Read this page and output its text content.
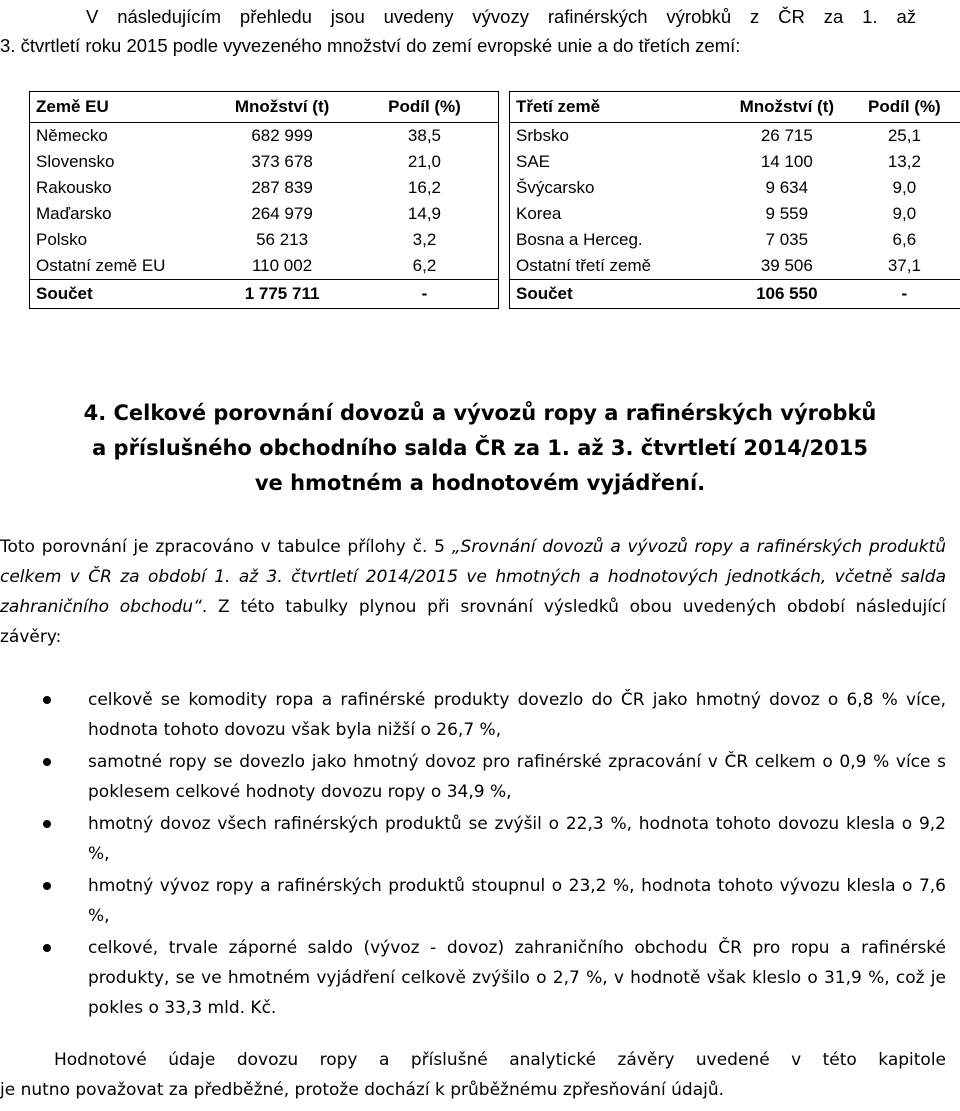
V následujícím přehledu jsou uvedeny vývozy rafinérských výrobků z ČR za 1. až
3. čtvrtletí roku 2015 podle vyvezeného množství do zemí evropské unie a do třetích zemí:
Země EU	Množství (t)	Podíl (%)
Německo	682 999	38,5
Slovensko	373 678	21,0
Rakousko	287 839	16,2
Maďarsko	264 979	14,9
Polsko	56 213	3,2
Ostatní země EU	110 002	6,2
Součet	1 775 711	-
Třetí země	Množství (t)	Podíl (%)
Srbsko	26 715	25,1
SAE	14 100	13,2
Švýcarsko	9 634	9,0
Korea	9 559	9,0
Bosna a Herceg.	7 035	6,6
Ostatní třetí země	39 506	37,1
Součet	106 550	-
4. Celkové porovnání dovozů a vývozů ropy a rafinérských výrobků
a příslušného obchodního salda ČR za 1. až 3. čtvrtletí 2014/2015
ve hmotném a hodnotovém vyjádření.
Toto porovnání je zpracováno v tabulce přílohy č. 5 „Srovnání dovozů a vývozů ropy a rafinérských produktů celkem v ČR za období 1. až 3. čtvrtletí 2014/2015 ve hmotných a hodnotových jednotkách, včetně salda zahraničního obchodu“. Z této tabulky plynou při srovnání výsledků obou uvedených období následující závěry:
celkově se komodity ropa a rafinérské produkty dovezlo do ČR jako hmotný dovoz o 6,8 % více, hodnota tohoto dovozu však byla nižší o 26,7 %,
samotné ropy se dovezlo jako hmotný dovoz pro rafinérské zpracování v ČR celkem o 0,9 % více s poklesem celkové hodnoty dovozu ropy o 34,9 %,
hmotný dovoz všech rafinérských produktů se zvýšil o 22,3 %, hodnota tohoto dovozu klesla o 9,2 %,
hmotný vývoz ropy a rafinérských produktů stoupnul o 23,2 %, hodnota tohoto vývozu klesla o 7,6 %,
celkové, trvale záporné saldo (vývoz - dovoz) zahraničního obchodu ČR pro ropu a rafinérské produkty, se ve hmotném vyjádření celkově zvýšilo o 2,7 %, v hodnotě však kleslo o 31,9 %, což je pokles o 33,3 mld. Kč.
Hodnotové údaje dovozu ropy a příslušné analytické závěry uvedené v této kapitole
je nutno považovat za předběžné, protože dochází k průběžnému zpřesňování údajů.
